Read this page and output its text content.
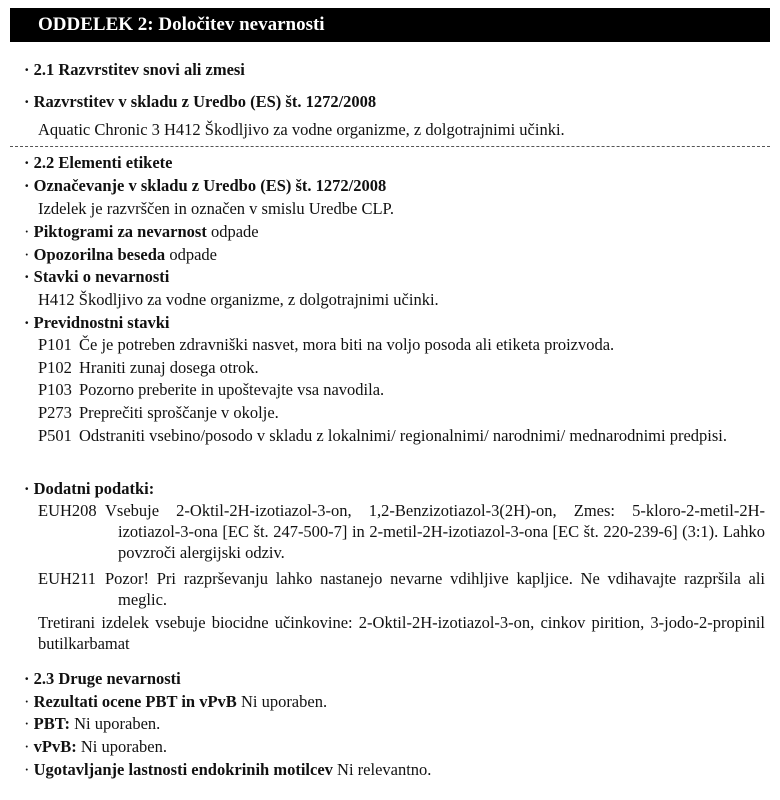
ODDELEK 2: Določitev nevarnosti
· 2.1 Razvrstitev snovi ali zmesi
· Razvrstitev v skladu z Uredbo (ES) št. 1272/2008
Aquatic Chronic 3 H412 Škodljivo za vodne organizme, z dolgotrajnimi učinki.
· 2.2 Elementi etikete
· Označevanje v skladu z Uredbo (ES) št. 1272/2008
Izdelek je razvrščen in označen v smislu Uredbe CLP.
· Piktogrami za nevarnost odpade
· Opozorilna beseda odpade
· Stavki o nevarnosti
H412 Škodljivo za vodne organizme, z dolgotrajnimi učinki.
· Previdnostni stavki
P101 Če je potreben zdravniški nasvet, mora biti na voljo posoda ali etiketa proizvoda.
P102 Hraniti zunaj dosega otrok.
P103 Pozorno preberite in upoštevajte vsa navodila.
P273 Preprečiti sproščanje v okolje.
P501 Odstraniti vsebino/posodo v skladu z lokalnimi/ regionalnimi/ narodnimi/ mednarodnimi predpisi.
· Dodatni podatki:
EUH208 Vsebuje 2-Oktil-2H-izotiazol-3-on, 1,2-Benzizotiazol-3(2H)-on, Zmes: 5-kloro-2-metil-2H-izotiazol-3-ona [EC št. 247-500-7] in 2-metil-2H-izotiazol-3-ona [EC št. 220-239-6] (3:1). Lahko povzroči alergijski odziv.
EUH211 Pozor! Pri razprševanju lahko nastanejo nevarne vdihljive kapljice. Ne vdihavajte razpršila ali meglic.
Tretirani izdelek vsebuje biocidne učinkovine: 2-Oktil-2H-izotiazol-3-on, cinkov pirition, 3-jodo-2-propinil butilkarbamat
· 2.3 Druge nevarnosti
· Rezultati ocene PBT in vPvB Ni uporaben.
· PBT: Ni uporaben.
· vPvB: Ni uporaben.
· Ugotavljanje lastnosti endokrinih motilcev Ni relevantno.
